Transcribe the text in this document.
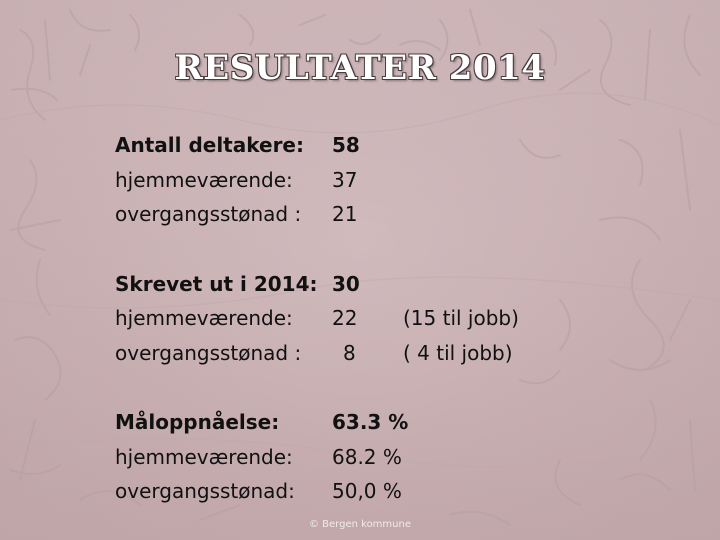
RESULTATER 2014
Antall deltakere: 58
hjemmeværende: 37
overgangsstønad : 21
Skrevet ut i 2014: 30
hjemmeværende: 22 (15 til jobb)
overgangsstønad : 8 ( 4 til jobb)
Måloppnåelse:	63.3 %
hjemmeværende: 68.2 %
overgangsstønad: 50,0 %
© Bergen kommune
